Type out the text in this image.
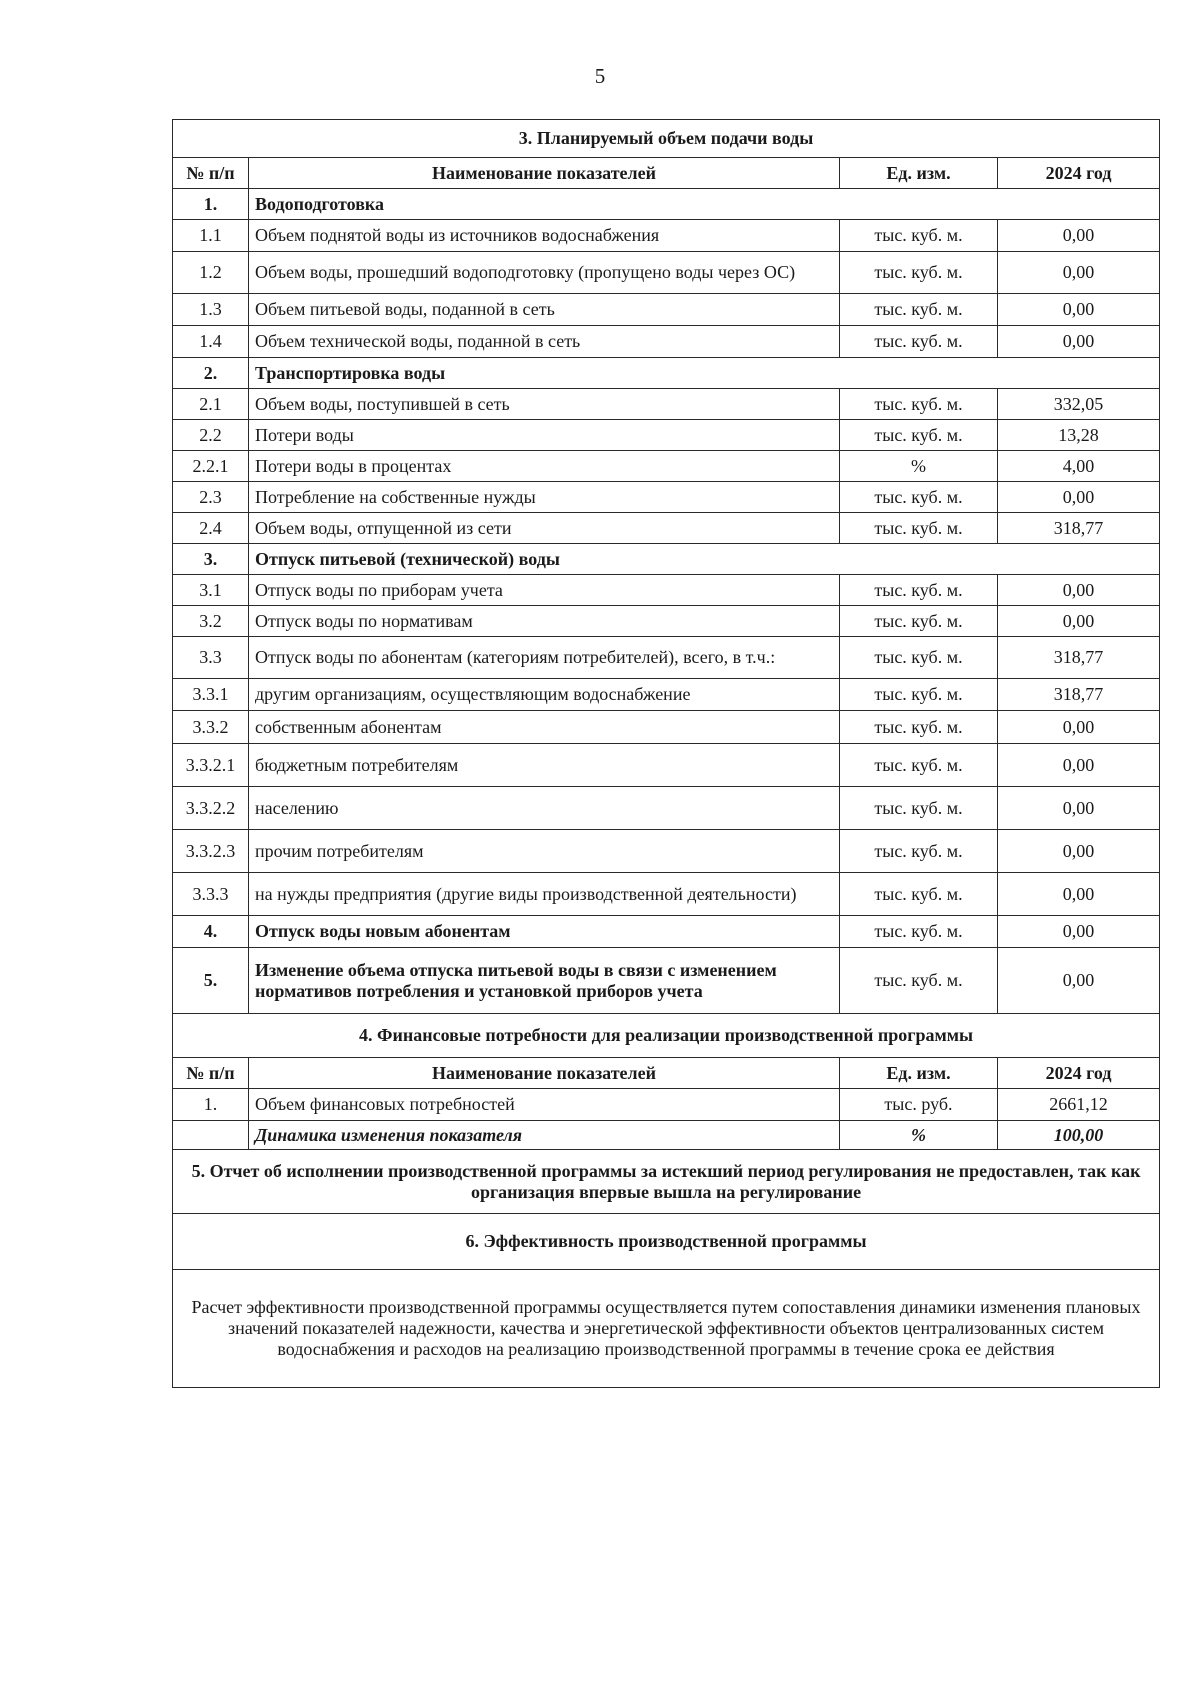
5
3. Планируемый объем подачи воды			
№ п/п	Наименование показателей	Ед. изм.	2024 год
1.	Водоподготовка		
1.1	Объем поднятой воды из источников водоснабжения	тыс. куб. м.	0,00
1.2	Объем воды, прошедший водоподготовку (пропущено воды через ОС)	тыс. куб. м.	0,00
1.3	Объем питьевой воды, поданной в сеть	тыс. куб. м.	0,00
1.4	Объем технической воды, поданной в сеть	тыс. куб. м.	0,00
2.	Транспортировка воды		
2.1	Объем воды, поступившей в сеть	тыс. куб. м.	332,05
2.2	Потери воды	тыс. куб. м.	13,28
2.2.1	Потери воды в процентах	%	4,00
2.3	Потребление на собственные нужды	тыс. куб. м.	0,00
2.4	Объем воды, отпущенной из сети	тыс. куб. м.	318,77
3.	Отпуск питьевой (технической) воды		
3.1	Отпуск воды по приборам учета	тыс. куб. м.	0,00
3.2	Отпуск воды по нормативам	тыс. куб. м.	0,00
3.3	Отпуск воды по абонентам (категориям потребителей), всего, в т.ч.:	тыс. куб. м.	318,77
3.3.1	другим организациям, осуществляющим водоснабжение	тыс. куб. м.	318,77
3.3.2	собственным абонентам	тыс. куб. м.	0,00
3.3.2.1	бюджетным потребителям	тыс. куб. м.	0,00
3.3.2.2	населению	тыс. куб. м.	0,00
3.3.2.3	прочим потребителям	тыс. куб. м.	0,00
3.3.3	на нужды предприятия (другие виды производственной деятельности)	тыс. куб. м.	0,00
4.	Отпуск воды новым абонентам	тыс. куб. м.	0,00
5.	Изменение объема отпуска питьевой воды в связи с изменением нормативов потребления и установкой приборов учета	тыс. куб. м.	0,00
4. Финансовые потребности для реализации производственной программы			
№ п/п	Наименование показателей	Ед. изм.	2024 год
1.	Объем финансовых потребностей	тыс. руб.	2661,12
	Динамика изменения показателя	%	100,00
5. Отчет об исполнении производственной программы за истекший период регулирования не предоставлен, так как организация впервые вышла на регулирование			
6. Эффективность производственной программы			
Расчет эффективности производственной программы осуществляется путем сопоставления динамики изменения плановых значений показателей надежности, качества и энергетической эффективности объектов централизованных систем водоснабжения и расходов на реализацию производственной программы в течение срока ее действия			
